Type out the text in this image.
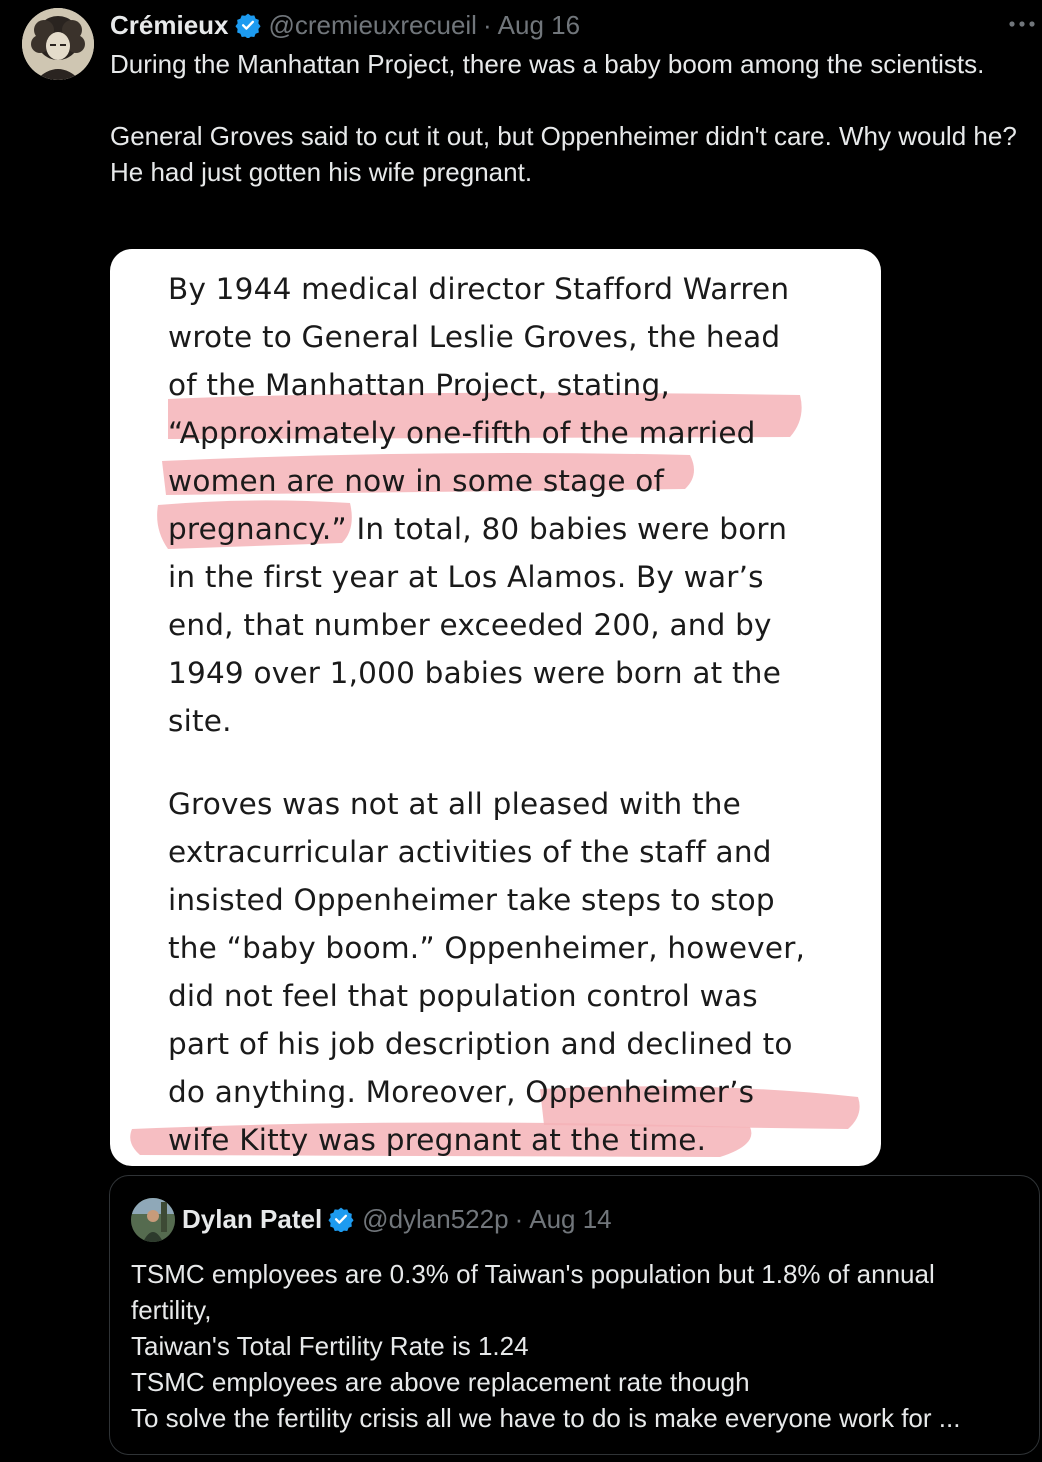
Crémieux @cremieuxrecueil · Aug 16

During the Manhattan Project, there was a baby boom among the scientists.

General Groves said to cut it out, but Oppenheimer didn't care. Why would he? He had just gotten his wife pregnant.

By 1944 medical director Stafford Warren
wrote to General Leslie Groves, the head
of the Manhattan Project, stating,
“Approximately one-fifth of the married
women are now in some stage of
pregnancy.” In total, 80 babies were born
in the first year at Los Alamos. By war’s
end, that number exceeded 200, and by
1949 over 1,000 babies were born at the
site.
Groves was not at all pleased with the
extracurricular activities of the staff and
insisted Oppenheimer take steps to stop
the “baby boom.” Oppenheimer, however,
did not feel that population control was
part of his job description and declined to
do anything. Moreover, Oppenheimer’s
wife Kitty was pregnant at the time.
Dylan Patel @dylan522p · Aug 14
TSMC employees are 0.3% of Taiwan's population but 1.8% of annual
fertility,
Taiwan's Total Fertility Rate is 1.24
TSMC employees are above replacement rate though
To solve the fertility crisis all we have to do is make everyone work for ...
